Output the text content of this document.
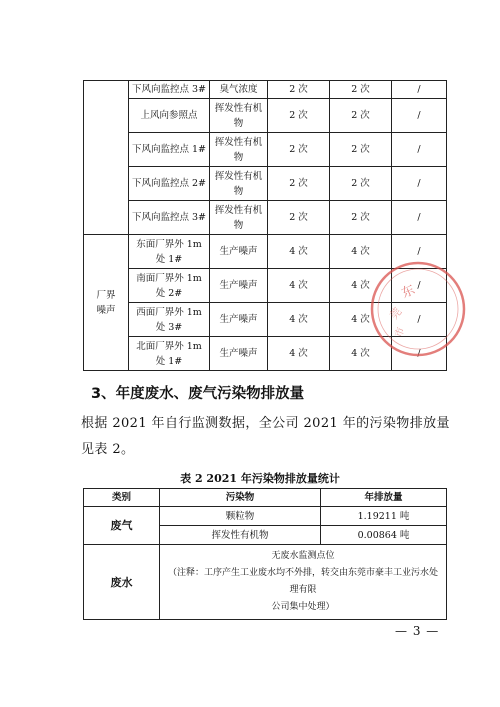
	下风向监控点 3#	臭气浓度	2 次	2 次	/
	上风向参照点	挥发性有机物	2 次	2 次	/
	下风向监控点 1#	挥发性有机物	2 次	2 次	/
	下风向监控点 2#	挥发性有机物	2 次	2 次	/
	下风向监控点 3#	挥发性有机物	2 次	2 次	/
厂界噪声	东面厂界外 1m 处 1#	生产噪声	4 次	4 次	/
	南面厂界外 1m 处 2#	生产噪声	4 次	4 次	/
	西面厂界外 1m 处 3#	生产噪声	4 次	4 次	/
	北面厂界外 1m 处 1#	生产噪声	4 次	4 次	/
东
莞
市
3、年度废水、废气污染物排放量
根据 2021 年自行监测数据，全公司 2021 年的污染物排放量
见表 2。
表 2 2021 年污染物排放量统计
类别	污染物	年排放量
废气	颗粒物	1.19211 吨
	挥发性有机物	0.00864 吨
废水	无废水监测点位
（注释：工序产生工业废水均不外排，转交由东莞市豪丰工业污水处理有限
公司集中处理）	
— 3 —
